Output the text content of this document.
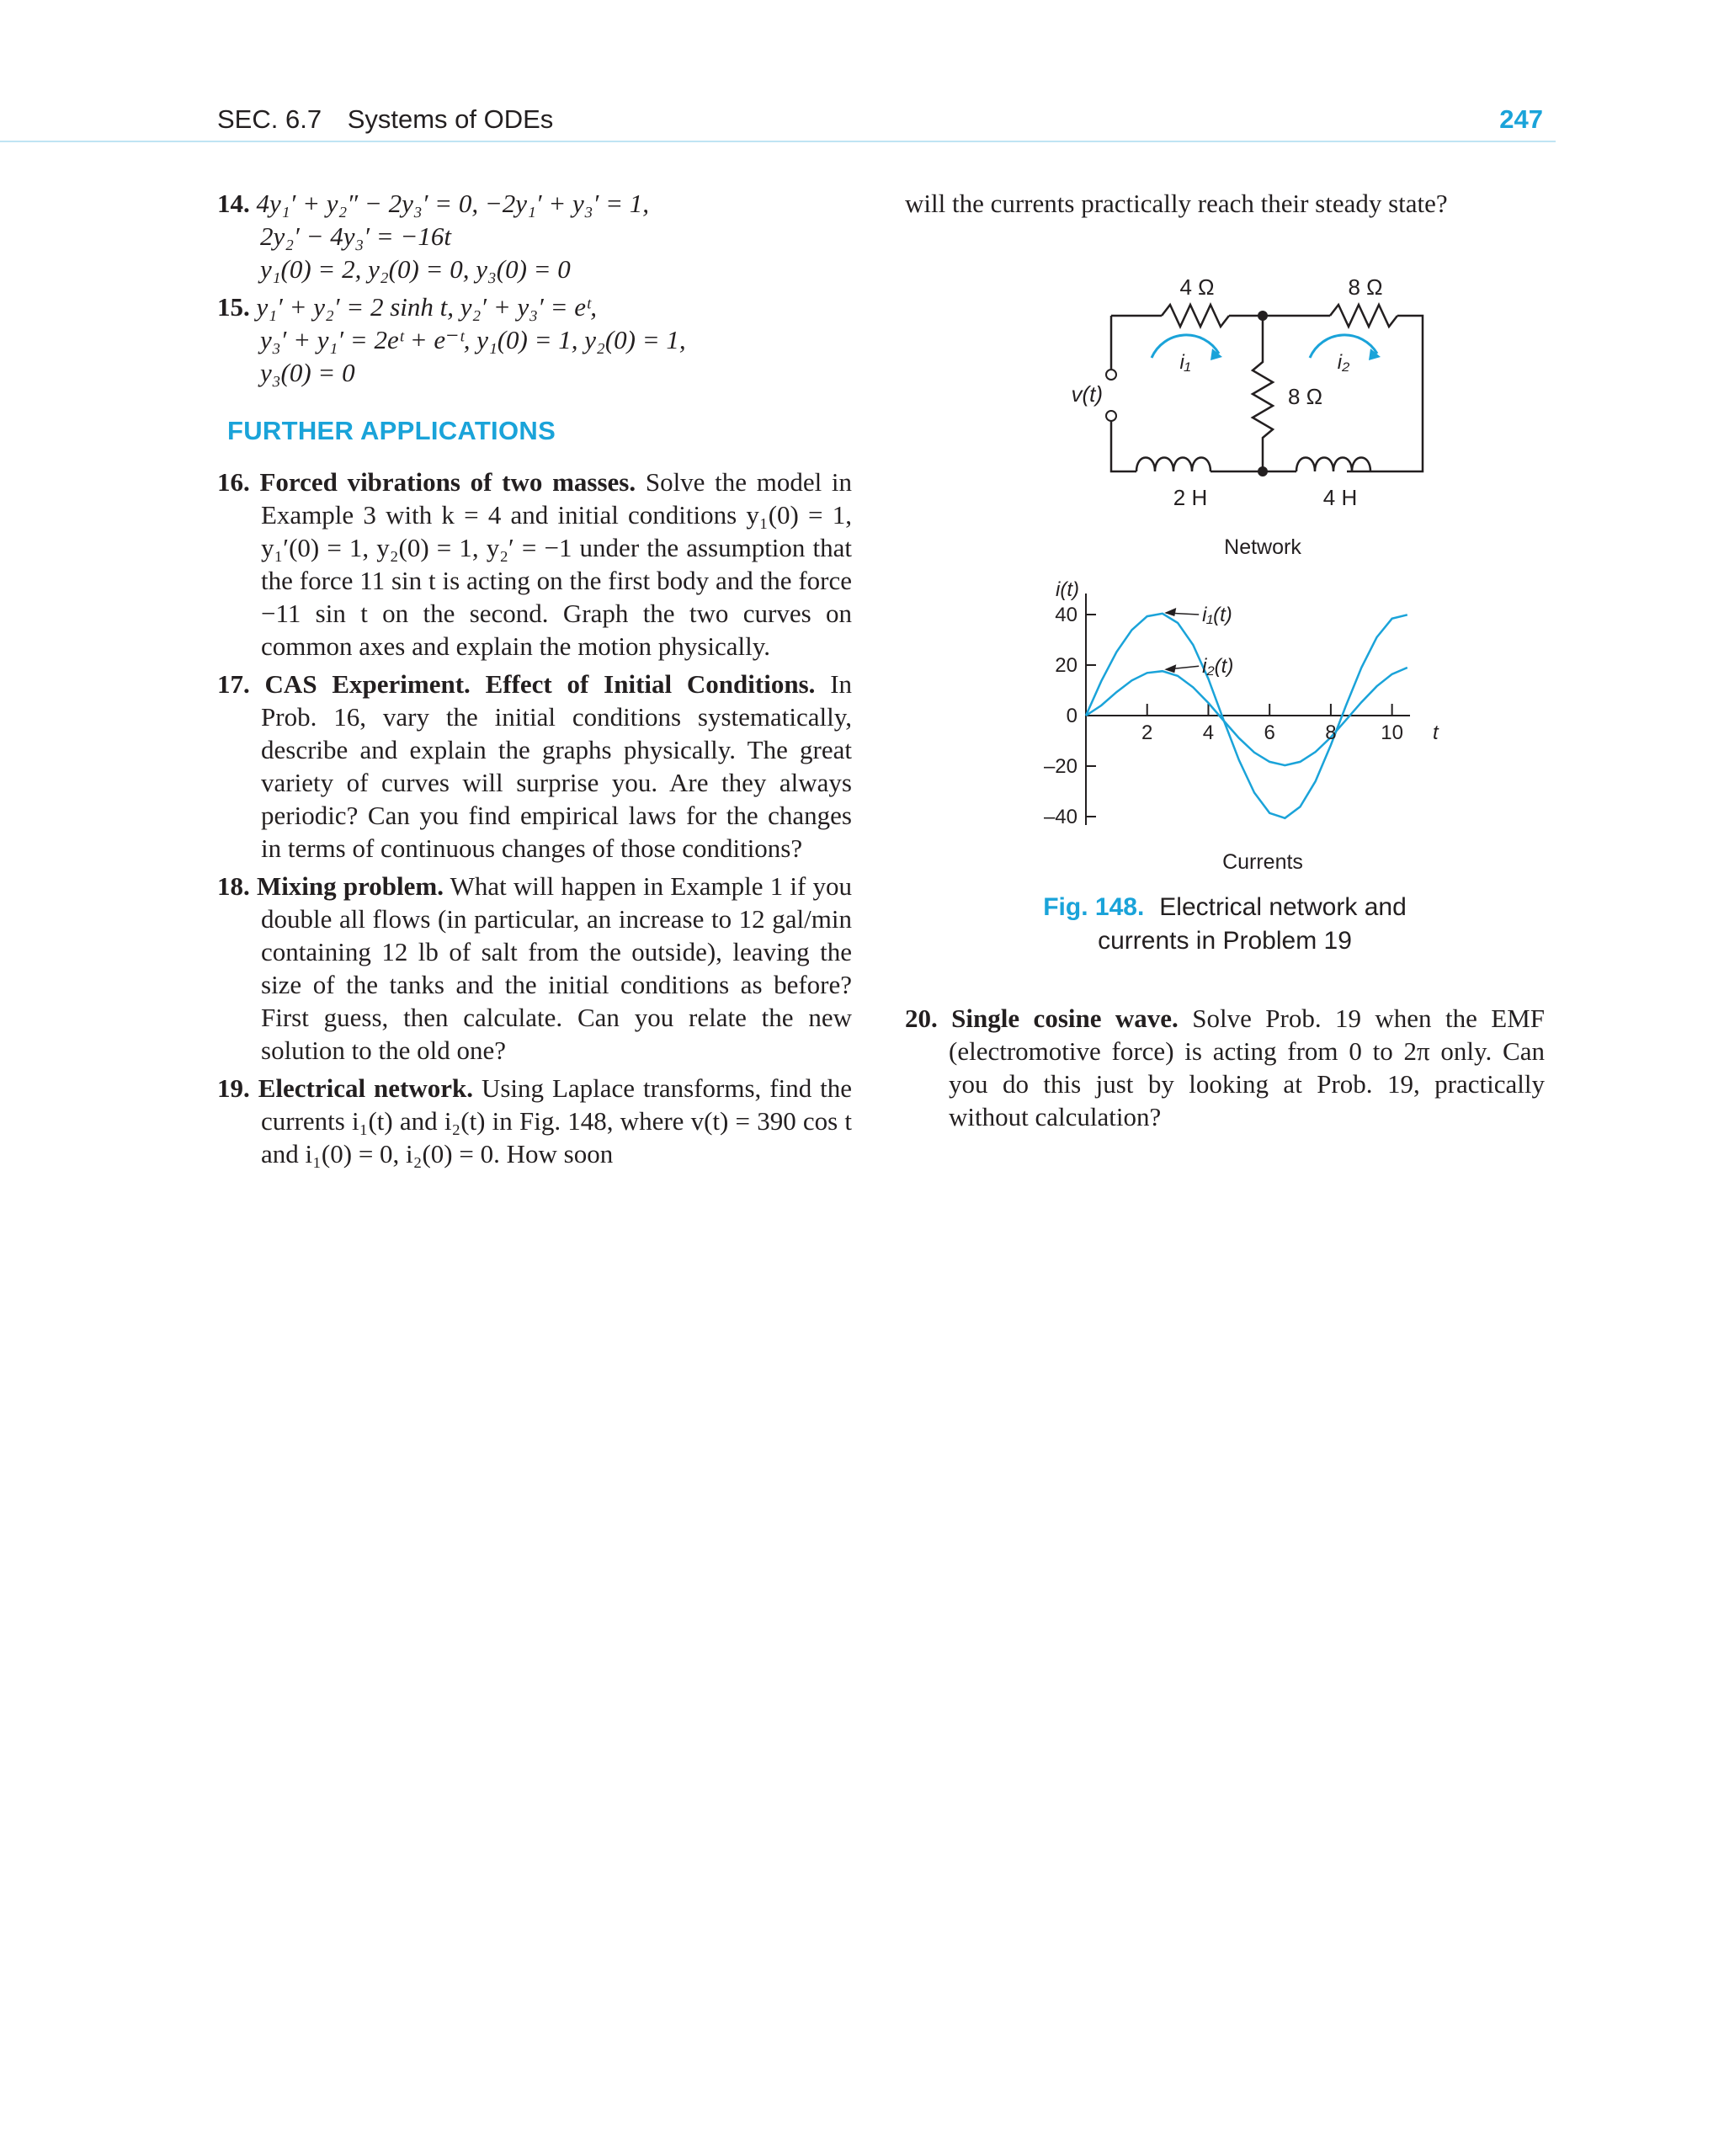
SEC. 6.7 Systems of ODEs	247
14. 4y₁′ + y₂″ − 2y₃′ = 0, −2y₁′ + y₃′ = 1,
2y₂′ − 4y₃′ = −16t
y₁(0) = 2, y₂(0) = 0, y₃(0) = 0
15. y₁′ + y₂′ = 2 sinh t, y₂′ + y₃′ = eᵗ,
y₃′ + y₁′ = 2eᵗ + e⁻ᵗ, y₁(0) = 1, y₂(0) = 1,
y₃(0) = 0
FURTHER APPLICATIONS
16. Forced vibrations of two masses. Solve the model in Example 3 with k = 4 and initial conditions y₁(0) = 1, y₁′(0) = 1, y₂(0) = 1, y₂′ = −1 under the assumption that the force 11 sin t is acting on the first body and the force −11 sin t on the second. Graph the two curves on common axes and explain the motion physically.
17. CAS Experiment. Effect of Initial Conditions. In Prob. 16, vary the initial conditions systematically, describe and explain the graphs physically. The great variety of curves will surprise you. Are they always periodic? Can you find empirical laws for the changes in terms of continuous changes of those conditions?
18. Mixing problem. What will happen in Example 1 if you double all flows (in particular, an increase to 12 gal/min containing 12 lb of salt from the outside), leaving the size of the tanks and the initial conditions as before? First guess, then calculate. Can you relate the new solution to the old one?
19. Electrical network. Using Laplace transforms, find the currents i₁(t) and i₂(t) in Fig. 148, where v(t) = 390 cos t and i₁(0) = 0, i₂(0) = 0. How soon
will the currents practically reach their steady state?
4 Ω	8 Ω
8 Ω
2 H	4 H
v(t)
i₁	i₂
Network
40
20
0
–20
–40
2 4 6 8 10
i(t)
t
Currents
i₁(t)
i₂(t)
Fig. 148. Electrical network and
currents in Problem 19
20. Single cosine wave. Solve Prob. 19 when the EMF (electromotive force) is acting from 0 to 2π only. Can you do this just by looking at Prob. 19, practically without calculation?
